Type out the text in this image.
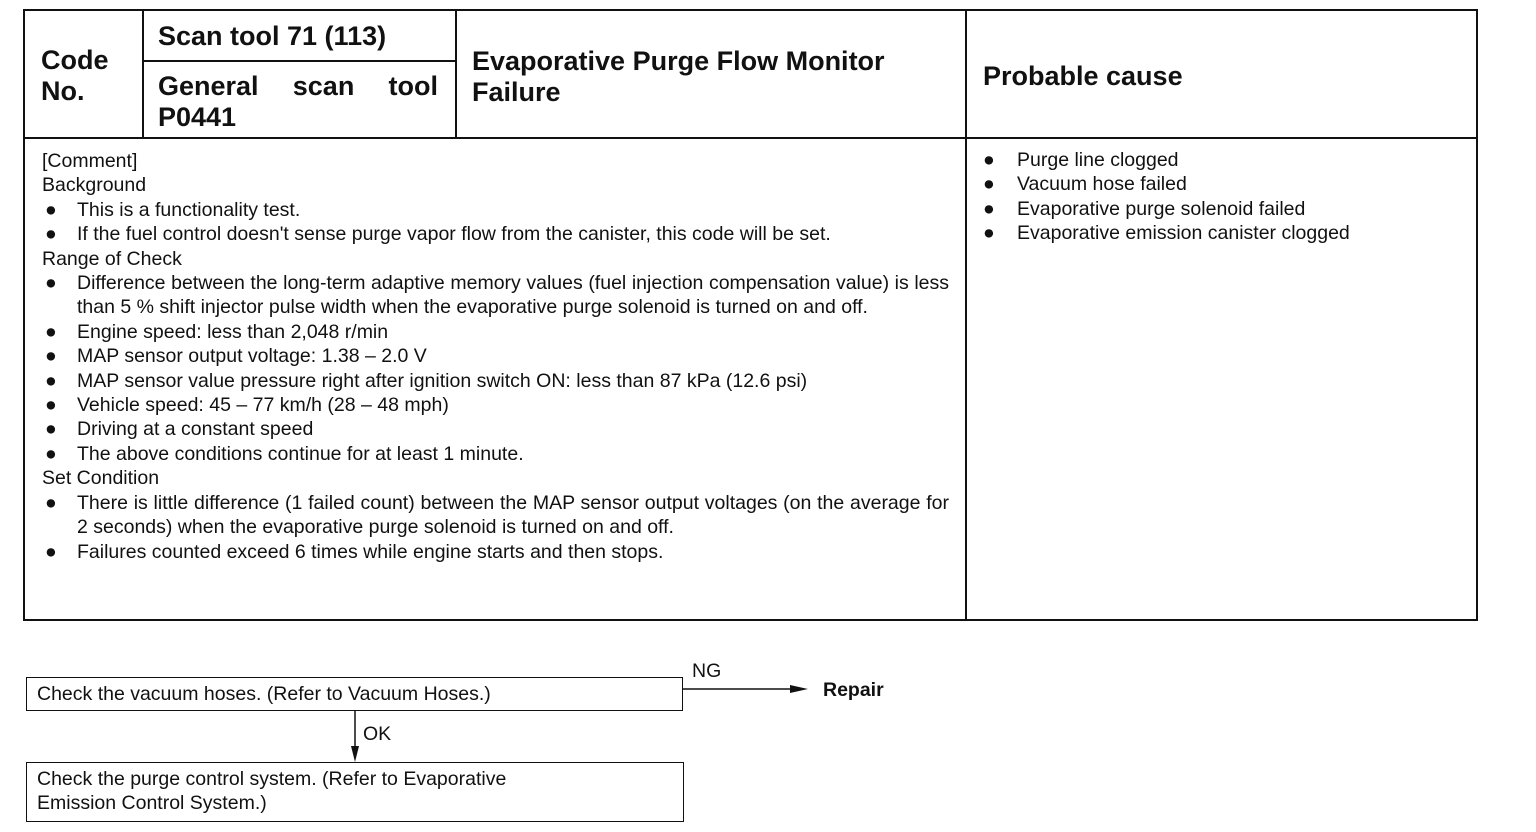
Code
No.
Scan tool 71 (113)
General scan tool
P0441
Evaporative Purge Flow Monitor
Failure
Probable cause
[Comment]
Background
● This is a functionality test.
● If the fuel control doesn't sense purge vapor flow from the canister, this code will be set.
Range of Check
● Difference between the long-term adaptive memory values (fuel injection compensation value) is less than 5 % shift injector pulse width when the evaporative purge solenoid is turned on and off.
● Engine speed: less than 2,048 r/min
● MAP sensor output voltage: 1.38 – 2.0 V
● MAP sensor value pressure right after ignition switch ON: less than 87 kPa (12.6 psi)
● Vehicle speed: 45 – 77 km/h (28 – 48 mph)
● Driving at a constant speed
● The above conditions continue for at least 1 minute.
Set Condition
● There is little difference (1 failed count) between the MAP sensor output voltages (on the average for 2 seconds) when the evaporative purge solenoid is turned on and off.
● Failures counted exceed 6 times while engine starts and then stops.
● Purge line clogged
● Vacuum hose failed
● Evaporative purge solenoid failed
● Evaporative emission canister clogged
Check the vacuum hoses. (Refer to Vacuum Hoses.)
NG
Repair
OK
Check the purge control system. (Refer to Evaporative
Emission Control System.)
